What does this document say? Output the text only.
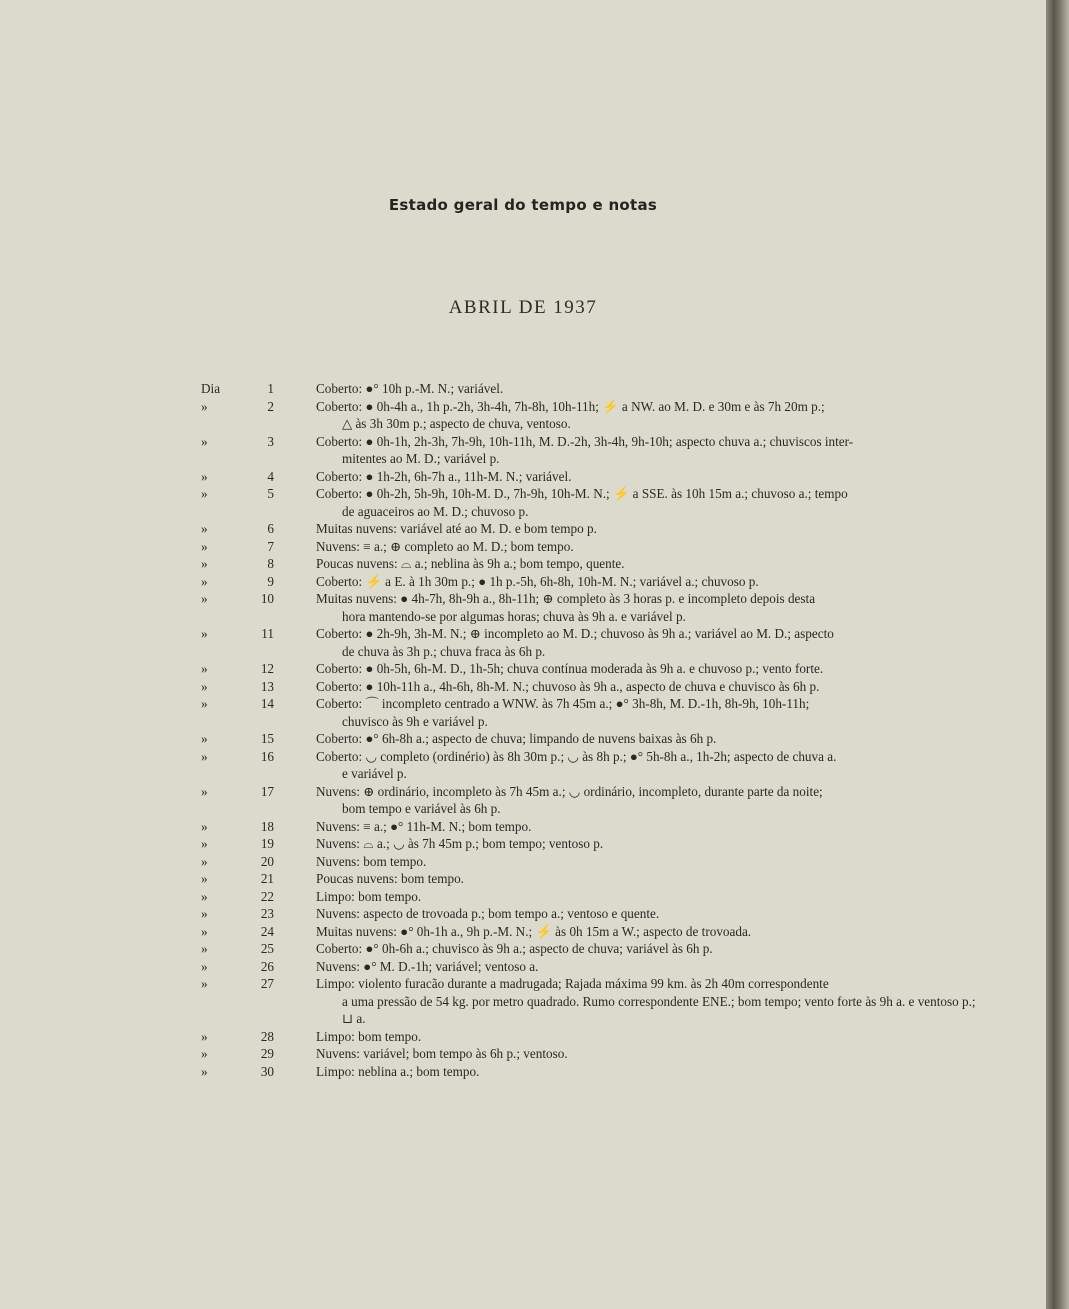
Estado geral do tempo e notas
ABRIL DE 1937
Dia	1	Coberto: ●° 10h p.-M. N.; variável.
»	2	Coberto: ● 0h-4h a., 1h p.-2h, 3h-4h, 7h-8h, 10h-11h; ⚡ a NW. ao M. D. e 30m e às 7h 20m p.;
△ às 3h 30m p.; aspecto de chuva, ventoso.
»	3	Coberto: ● 0h-1h, 2h-3h, 7h-9h, 10h-11h, M. D.-2h, 3h-4h, 9h-10h; aspecto chuva a.; chuviscos inter-
mitentes ao M. D.; variável p.
»	4	Coberto: ● 1h-2h, 6h-7h a., 11h-M. N.; variável.
»	5	Coberto: ● 0h-2h, 5h-9h, 10h-M. D., 7h-9h, 10h-M. N.; ⚡ a SSE. às 10h 15m a.; chuvoso a.; tempo
de aguaceiros ao M. D.; chuvoso p.
»	6	Muitas nuvens: variável até ao M. D. e bom tempo p.
»	7	Nuvens: ≡ a.; ⊕ completo ao M. D.; bom tempo.
»	8	Poucas nuvens: ⌓ a.; neblina às 9h a.; bom tempo, quente.
»	9	Coberto: ⚡ a E. à 1h 30m p.; ● 1h p.-5h, 6h-8h, 10h-M. N.; variável a.; chuvoso p.
»	10	Muitas nuvens: ● 4h-7h, 8h-9h a., 8h-11h; ⊕ completo às 3 horas p. e incompleto depois desta
hora mantendo-se por algumas horas; chuva às 9h a. e variável p.
»	11	Coberto: ● 2h-9h, 3h-M. N.; ⊕ incompleto ao M. D.; chuvoso às 9h a.; variável ao M. D.; aspecto
de chuva às 3h p.; chuva fraca às 6h p.
»	12	Coberto: ● 0h-5h, 6h-M. D., 1h-5h; chuva contínua moderada às 9h a. e chuvoso p.; vento forte.
»	13	Coberto: ● 10h-11h a., 4h-6h, 8h-M. N.; chuvoso às 9h a., aspecto de chuva e chuvisco às 6h p.
»	14	Coberto: ⌒ incompleto centrado a WNW. às 7h 45m a.; ●° 3h-8h, M. D.-1h, 8h-9h, 10h-11h;
chuvisco às 9h e variável p.
»	15	Coberto: ●° 6h-8h a.; aspecto de chuva; limpando de nuvens baixas às 6h p.
»	16	Coberto: ◡ completo (ordinério) às 8h 30m p.; ◡ às 8h p.; ●° 5h-8h a., 1h-2h; aspecto de chuva a.
e variável p.
»	17	Nuvens: ⊕ ordinário, incompleto às 7h 45m a.; ◡ ordinário, incompleto, durante parte da noite;
bom tempo e variável às 6h p.
»	18	Nuvens: ≡ a.; ●° 11h-M. N.; bom tempo.
»	19	Nuvens: ⌓ a.; ◡ às 7h 45m p.; bom tempo; ventoso p.
»	20	Nuvens: bom tempo.
»	21	Poucas nuvens: bom tempo.
»	22	Limpo: bom tempo.
»	23	Nuvens: aspecto de trovoada p.; bom tempo a.; ventoso e quente.
»	24	Muitas nuvens: ●° 0h-1h a., 9h p.-M. N.; ⚡ às 0h 15m a W.; aspecto de trovoada.
»	25	Coberto: ●° 0h-6h a.; chuvisco às 9h a.; aspecto de chuva; variável às 6h p.
»	26	Nuvens: ●° M. D.-1h; variável; ventoso a.
»	27	Limpo: violento furacão durante a madrugada; Rajada máxima 99 km. às 2h 40m correspondente
a uma pressão de 54 kg. por metro quadrado. Rumo correspondente ENE.; bom tempo; vento forte às 9h a. e ventoso p.; ⊔ a.
»	28	Limpo: bom tempo.
»	29	Nuvens: variável; bom tempo às 6h p.; ventoso.
»	30	Limpo: neblina a.; bom tempo.
